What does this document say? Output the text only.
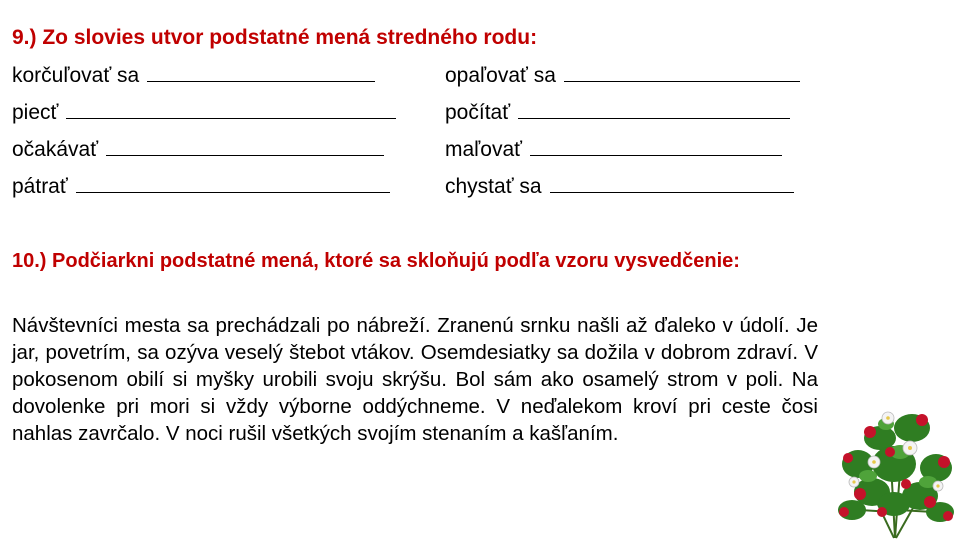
9.) Zo slovies utvor podstatné mená stredného rodu:
korčuľovať sa
piecť
očakávať
pátrať
opaľovať sa
počítať
maľovať
chystať sa
10.) Podčiarkni podstatné mená, ktoré sa skloňujú podľa vzoru vysvedčenie:

Návštevníci mesta sa prechádzali po nábreží. Zranenú srnku našli až ďaleko v údolí. Je jar, povetrím, sa ozýva veselý štebot vtákov. Osemdesiatky sa dožila v dobrom zdraví. V pokosenom obilí si myšky urobili svoju skrýšu. Bol sám ako osamelý strom v poli. Na dovolenke pri mori si vždy výborne oddýchneme. V neďalekom kroví pri ceste čosi nahlas zavrčalo. V noci rušil všetkých svojím stenaním a kašľaním.
